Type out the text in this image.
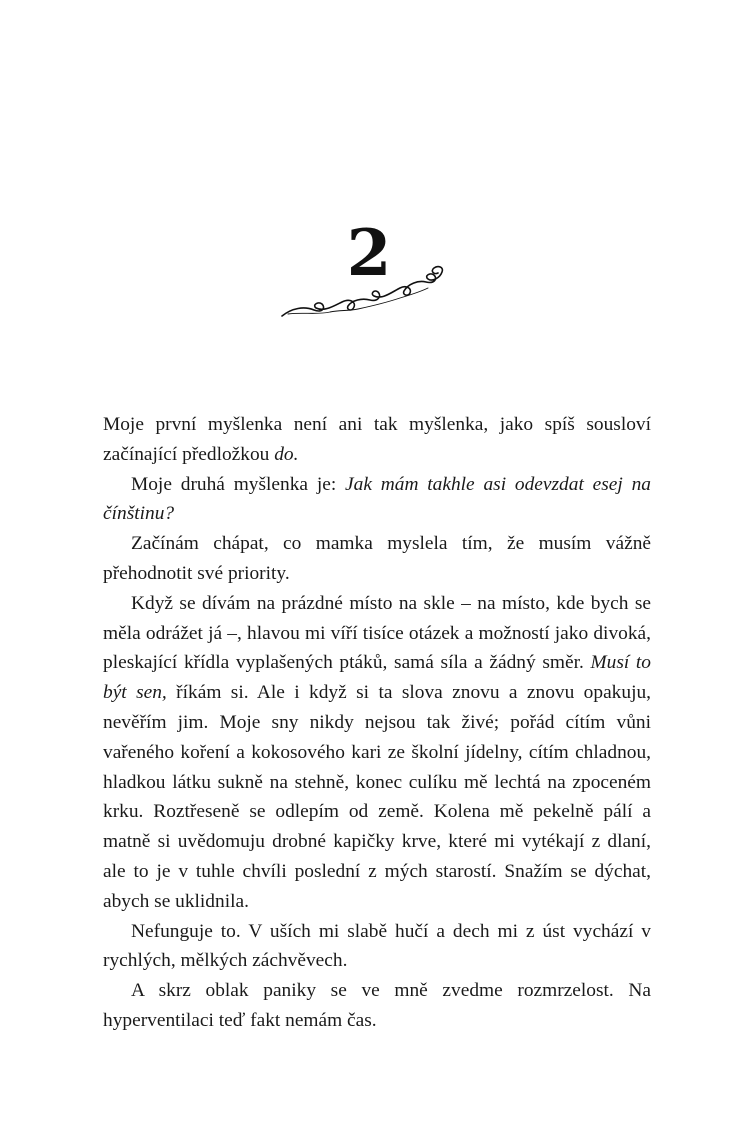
2

Moje první myšlenka není ani tak myšlenka, jako spíš sousloví začínající předložkou do.

Moje druhá myšlenka je: Jak mám takhle asi odevzdat esej na čínštinu?

Začínám chápat, co mamka myslela tím, že musím vážně přehodnotit své priority.

Když se dívám na prázdné místo na skle – na místo, kde bych se měla odrážet já –, hlavou mi víří tisíce otázek a možností jako divoká, pleskající křídla vyplašených ptáků, samá síla a žádný směr. Musí to být sen, říkám si. Ale i když si ta slova znovu a znovu opakuju, nevěřím jim. Moje sny nikdy nejsou tak živé; pořád cítím vůni vařeného koření a kokosového kari ze školní jídelny, cítím chladnou, hladkou látku sukně na stehně, konec culíku mě lechtá na zpoceném krku. Roztřeseně se odlepím od země. Kolena mě pekelně pálí a matně si uvědomuju drobné kapičky krve, které mi vytékají z dlaní, ale to je v tuhle chvíli poslední z mých starostí. Snažím se dýchat, abych se uklidnila.

Nefunguje to. V uších mi slabě hučí a dech mi z úst vychází v rychlých, mělkých záchvěvech.

A skrz oblak paniky se ve mně zvedme rozmrzelost. Na hyperventilaci teď fakt nemám čas.
